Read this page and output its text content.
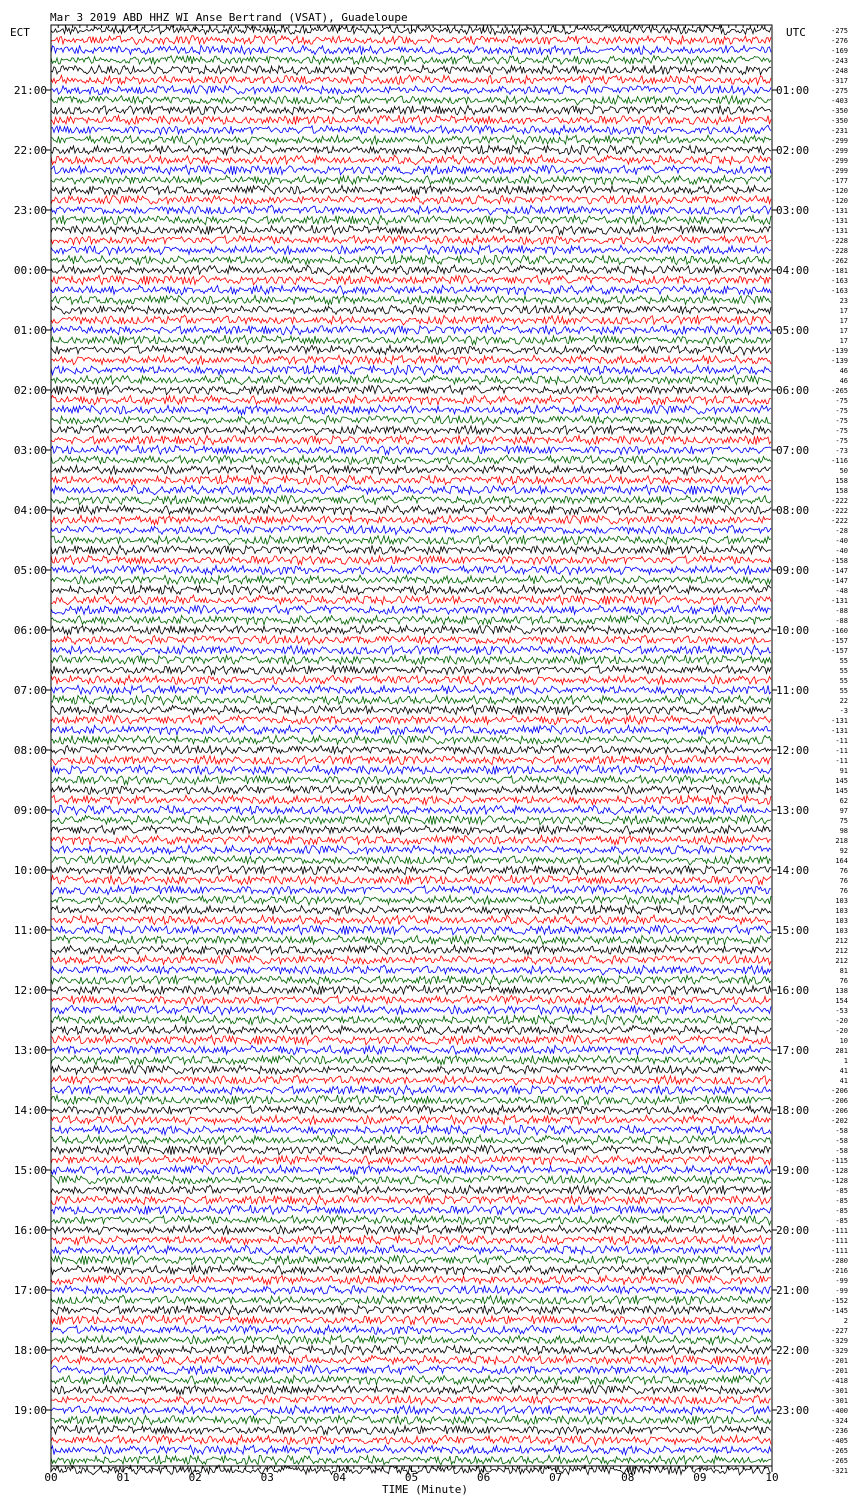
Mar 3 2019 ABD HHZ WI Anse Bertrand (VSAT), Guadeloupe
ECT	UTC
21:00
22:00
23:00
00:00
01:00
02:00
03:00
04:00
05:00
06:00
07:00
08:00
09:00
10:00
11:00
12:00
13:00
14:00
15:00
16:00
17:00
18:00
19:00
01:00
02:00
03:00
04:00
05:00
06:00
07:00
08:00
09:00
10:00
11:00
12:00
13:00
14:00
15:00
16:00
17:00
18:00
19:00
20:00
21:00
22:00
23:00
-275
-276
-169
-243
-248
-317
-275
-403
-350
-350
-231
-299
-299
-299
-299
-177
-120
-120
-131
-131
-131
-228
-228
-262
-181
-163
-163
23
17
17
17
17
-139
-139
46
46
-265
-75
-75
-75
-75
-75
-73
-116
50
158
158
-222
-222
-222
-28
-40
-40
-158
-147
-147
-48
-131
-88
-88
-160
-157
-157
55
55
55
55
22
-3
-131
-131
-11
-11
-11
91
145
145
62
97
75
98
218
92
164
76
76
76
103
103
103
103
212
212
212
81
76
138
154
-53
-20
-20
10
281
1
41
41
-206
-206
-206
-202
-58
-58
-58
-115
-128
-128
-85
-85
-85
-85
-111
-111
-111
-280
-216
-99
-99
-152
-145
2
-227
-329
-329
-201
-201
-418
-301
-301
-400
-324
-236
-405
-265
-265
-321
00	01	02	03	04	05	06	07	08	09	10
TIME (Minute)
